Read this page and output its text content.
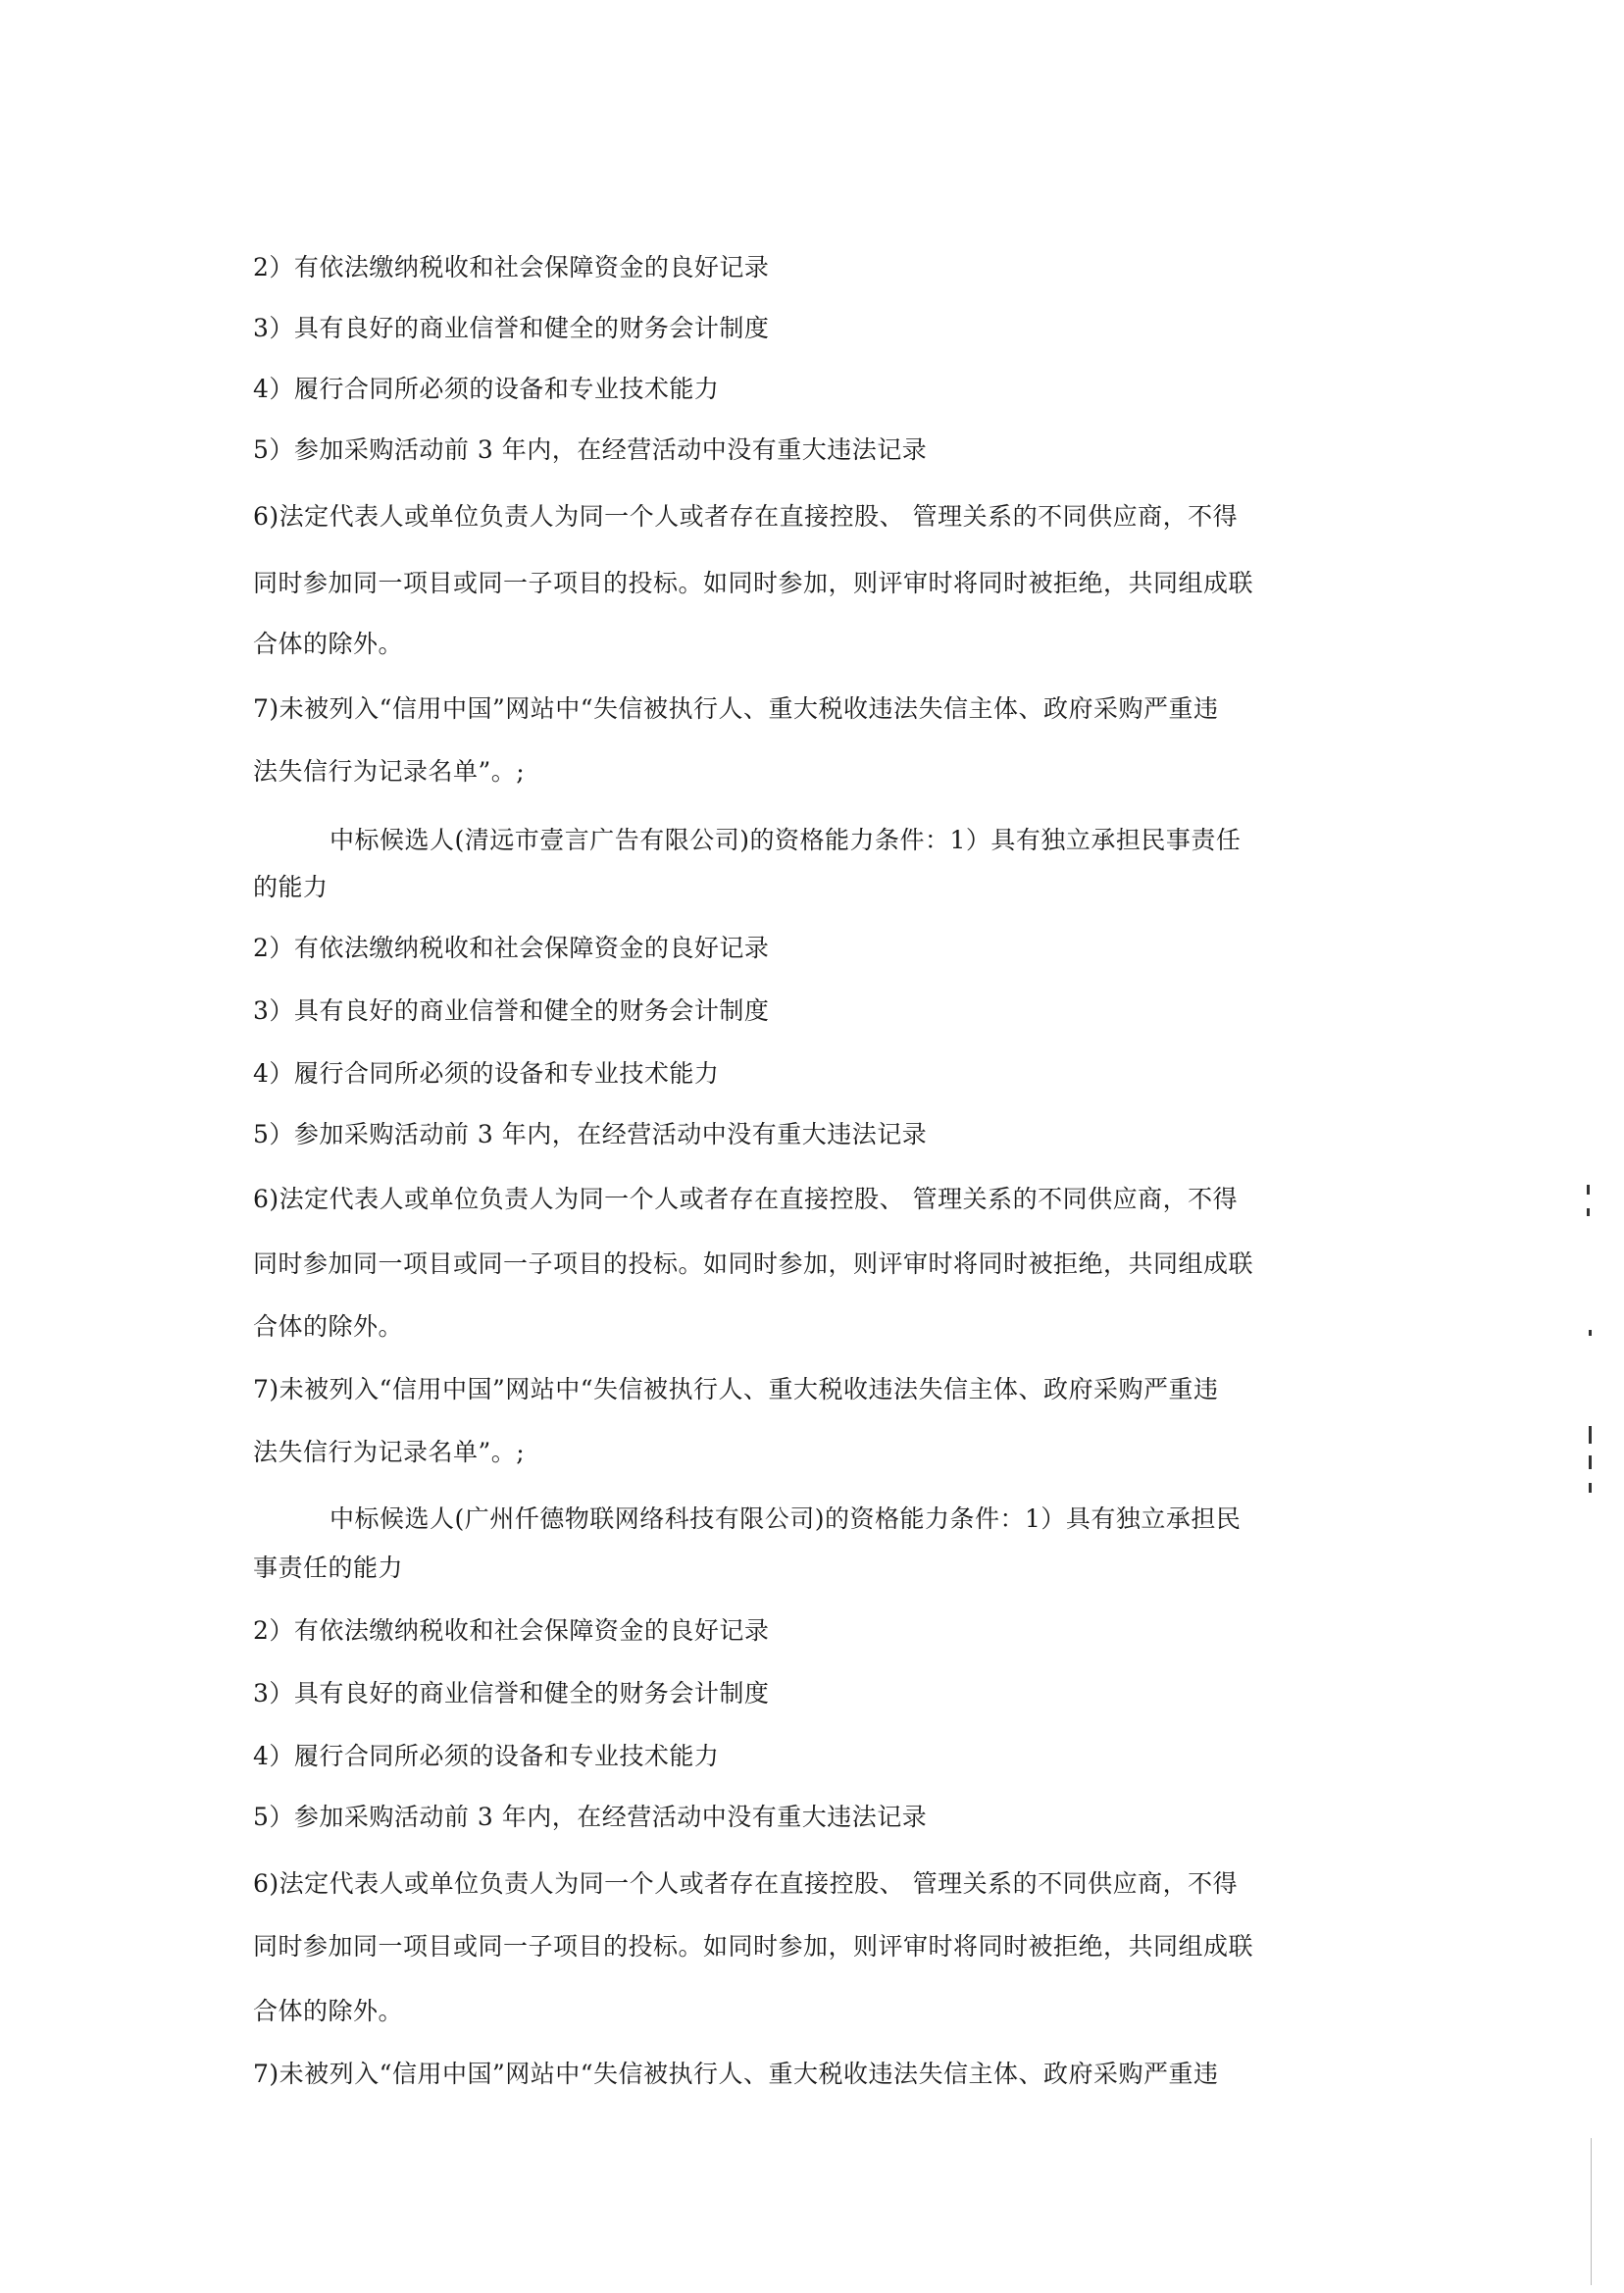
2）有依法缴纳税收和社会保障资金的良好记录
3）具有良好的商业信誉和健全的财务会计制度
4）履行合同所必须的设备和专业技术能力
5）参加采购活动前 3 年内，在经营活动中没有重大违法记录
6)法定代表人或单位负责人为同一个人或者存在直接控股、 管理关系的不同供应商，不得
同时参加同一项目或同一子项目的投标。如同时参加，则评审时将同时被拒绝，共同组成联
合体的除外。
7)未被列入“信用中国”网站中“失信被执行人、重大税收违法失信主体、政府采购严重违
法失信行为记录名单”。;
中标候选人(清远市壹言广告有限公司)的资格能力条件：1）具有独立承担民事责任
的能力
2）有依法缴纳税收和社会保障资金的良好记录
3）具有良好的商业信誉和健全的财务会计制度
4）履行合同所必须的设备和专业技术能力
5）参加采购活动前 3 年内，在经营活动中没有重大违法记录
6)法定代表人或单位负责人为同一个人或者存在直接控股、 管理关系的不同供应商，不得
同时参加同一项目或同一子项目的投标。如同时参加，则评审时将同时被拒绝，共同组成联
合体的除外。
7)未被列入“信用中国”网站中“失信被执行人、重大税收违法失信主体、政府采购严重违
法失信行为记录名单”。;
中标候选人(广州仟德物联网络科技有限公司)的资格能力条件：1）具有独立承担民
事责任的能力
2）有依法缴纳税收和社会保障资金的良好记录
3）具有良好的商业信誉和健全的财务会计制度
4）履行合同所必须的设备和专业技术能力
5）参加采购活动前 3 年内，在经营活动中没有重大违法记录
6)法定代表人或单位负责人为同一个人或者存在直接控股、 管理关系的不同供应商，不得
同时参加同一项目或同一子项目的投标。如同时参加，则评审时将同时被拒绝，共同组成联
合体的除外。
7)未被列入“信用中国”网站中“失信被执行人、重大税收违法失信主体、政府采购严重违
